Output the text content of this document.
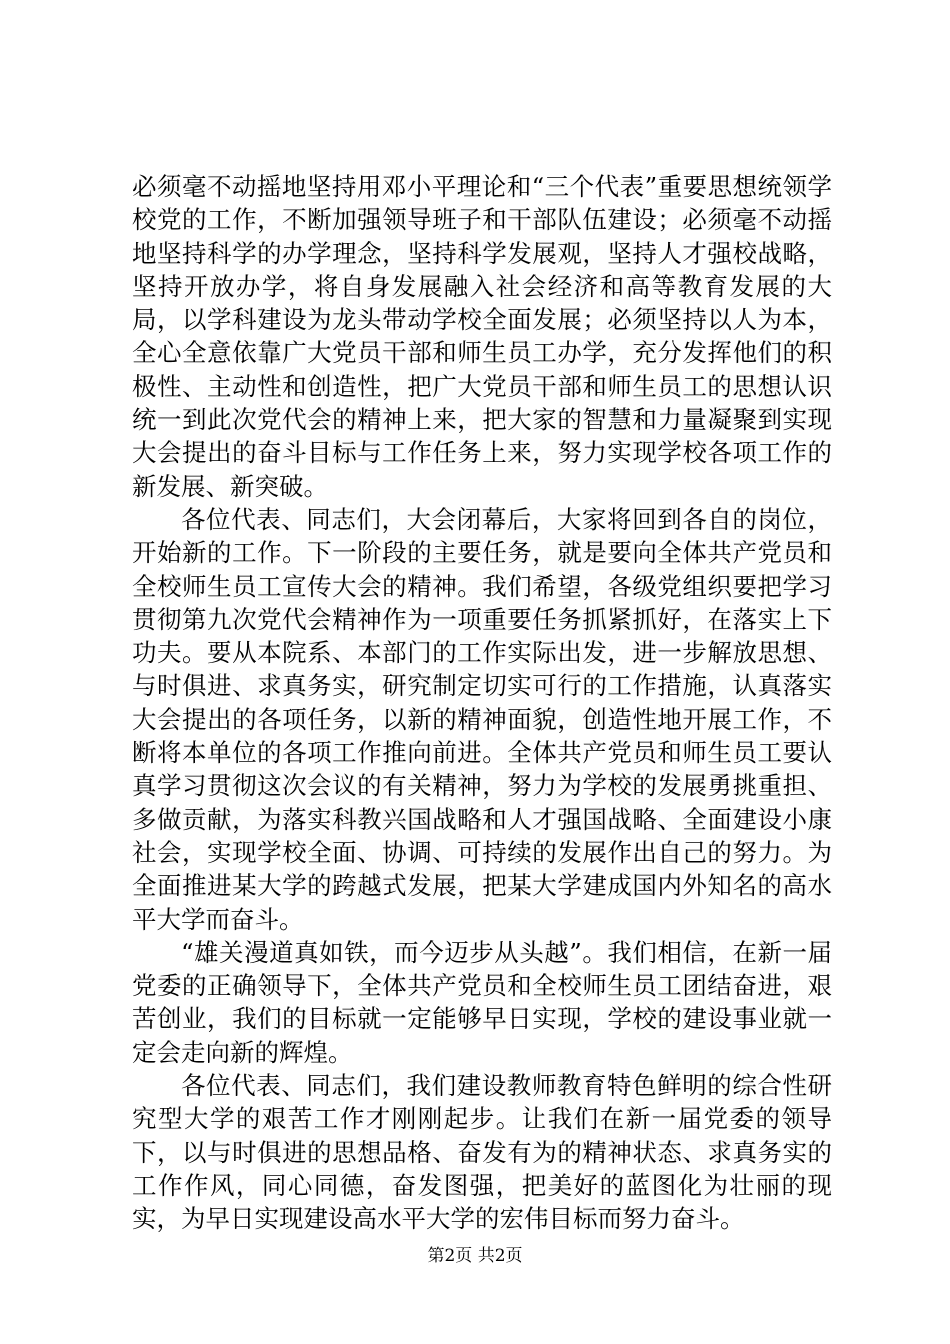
必须毫不动摇地坚持用邓小平理论和“三个代表”重要思想统领学校党的工作，不断加强领导班子和干部队伍建设；必须毫不动摇地坚持科学的办学理念，坚持科学发展观，坚持人才强校战略，坚持开放办学，将自身发展融入社会经济和高等教育发展的大局，以学科建设为龙头带动学校全面发展；必须坚持以人为本，全心全意依靠广大党员干部和师生员工办学，充分发挥他们的积极性、主动性和创造性，把广大党员干部和师生员工的思想认识统一到此次党代会的精神上来，把大家的智慧和力量凝聚到实现大会提出的奋斗目标与工作任务上来，努力实现学校各项工作的新发展、新突破。

各位代表、同志们，大会闭幕后，大家将回到各自的岗位，开始新的工作。下一阶段的主要任务，就是要向全体共产党员和全校师生员工宣传大会的精神。我们希望，各级党组织要把学习贯彻第九次党代会精神作为一项重要任务抓紧抓好，在落实上下功夫。要从本院系、本部门的工作实际出发，进一步解放思想、与时俱进、求真务实，研究制定切实可行的工作措施，认真落实大会提出的各项任务，以新的精神面貌，创造性地开展工作，不断将本单位的各项工作推向前进。全体共产党员和师生员工要认真学习贯彻这次会议的有关精神，努力为学校的发展勇挑重担、多做贡献，为落实科教兴国战略和人才强国战略、全面建设小康社会，实现学校全面、协调、可持续的发展作出自己的努力。为全面推进某大学的跨越式发展，把某大学建成国内外知名的高水平大学而奋斗。

“雄关漫道真如铁，而今迈步从头越”。我们相信，在新一届党委的正确领导下，全体共产党员和全校师生员工团结奋进，艰苦创业，我们的目标就一定能够早日实现，学校的建设事业就一定会走向新的辉煌。

各位代表、同志们，我们建设教师教育特色鲜明的综合性研究型大学的艰苦工作才刚刚起步。让我们在新一届党委的领导下，以与时俱进的思想品格、奋发有为的精神状态、求真务实的工作作风，同心同德，奋发图强，把美好的蓝图化为壮丽的现实，为早日实现建设高水平大学的宏伟目标而努力奋斗。

第2页 共2页
